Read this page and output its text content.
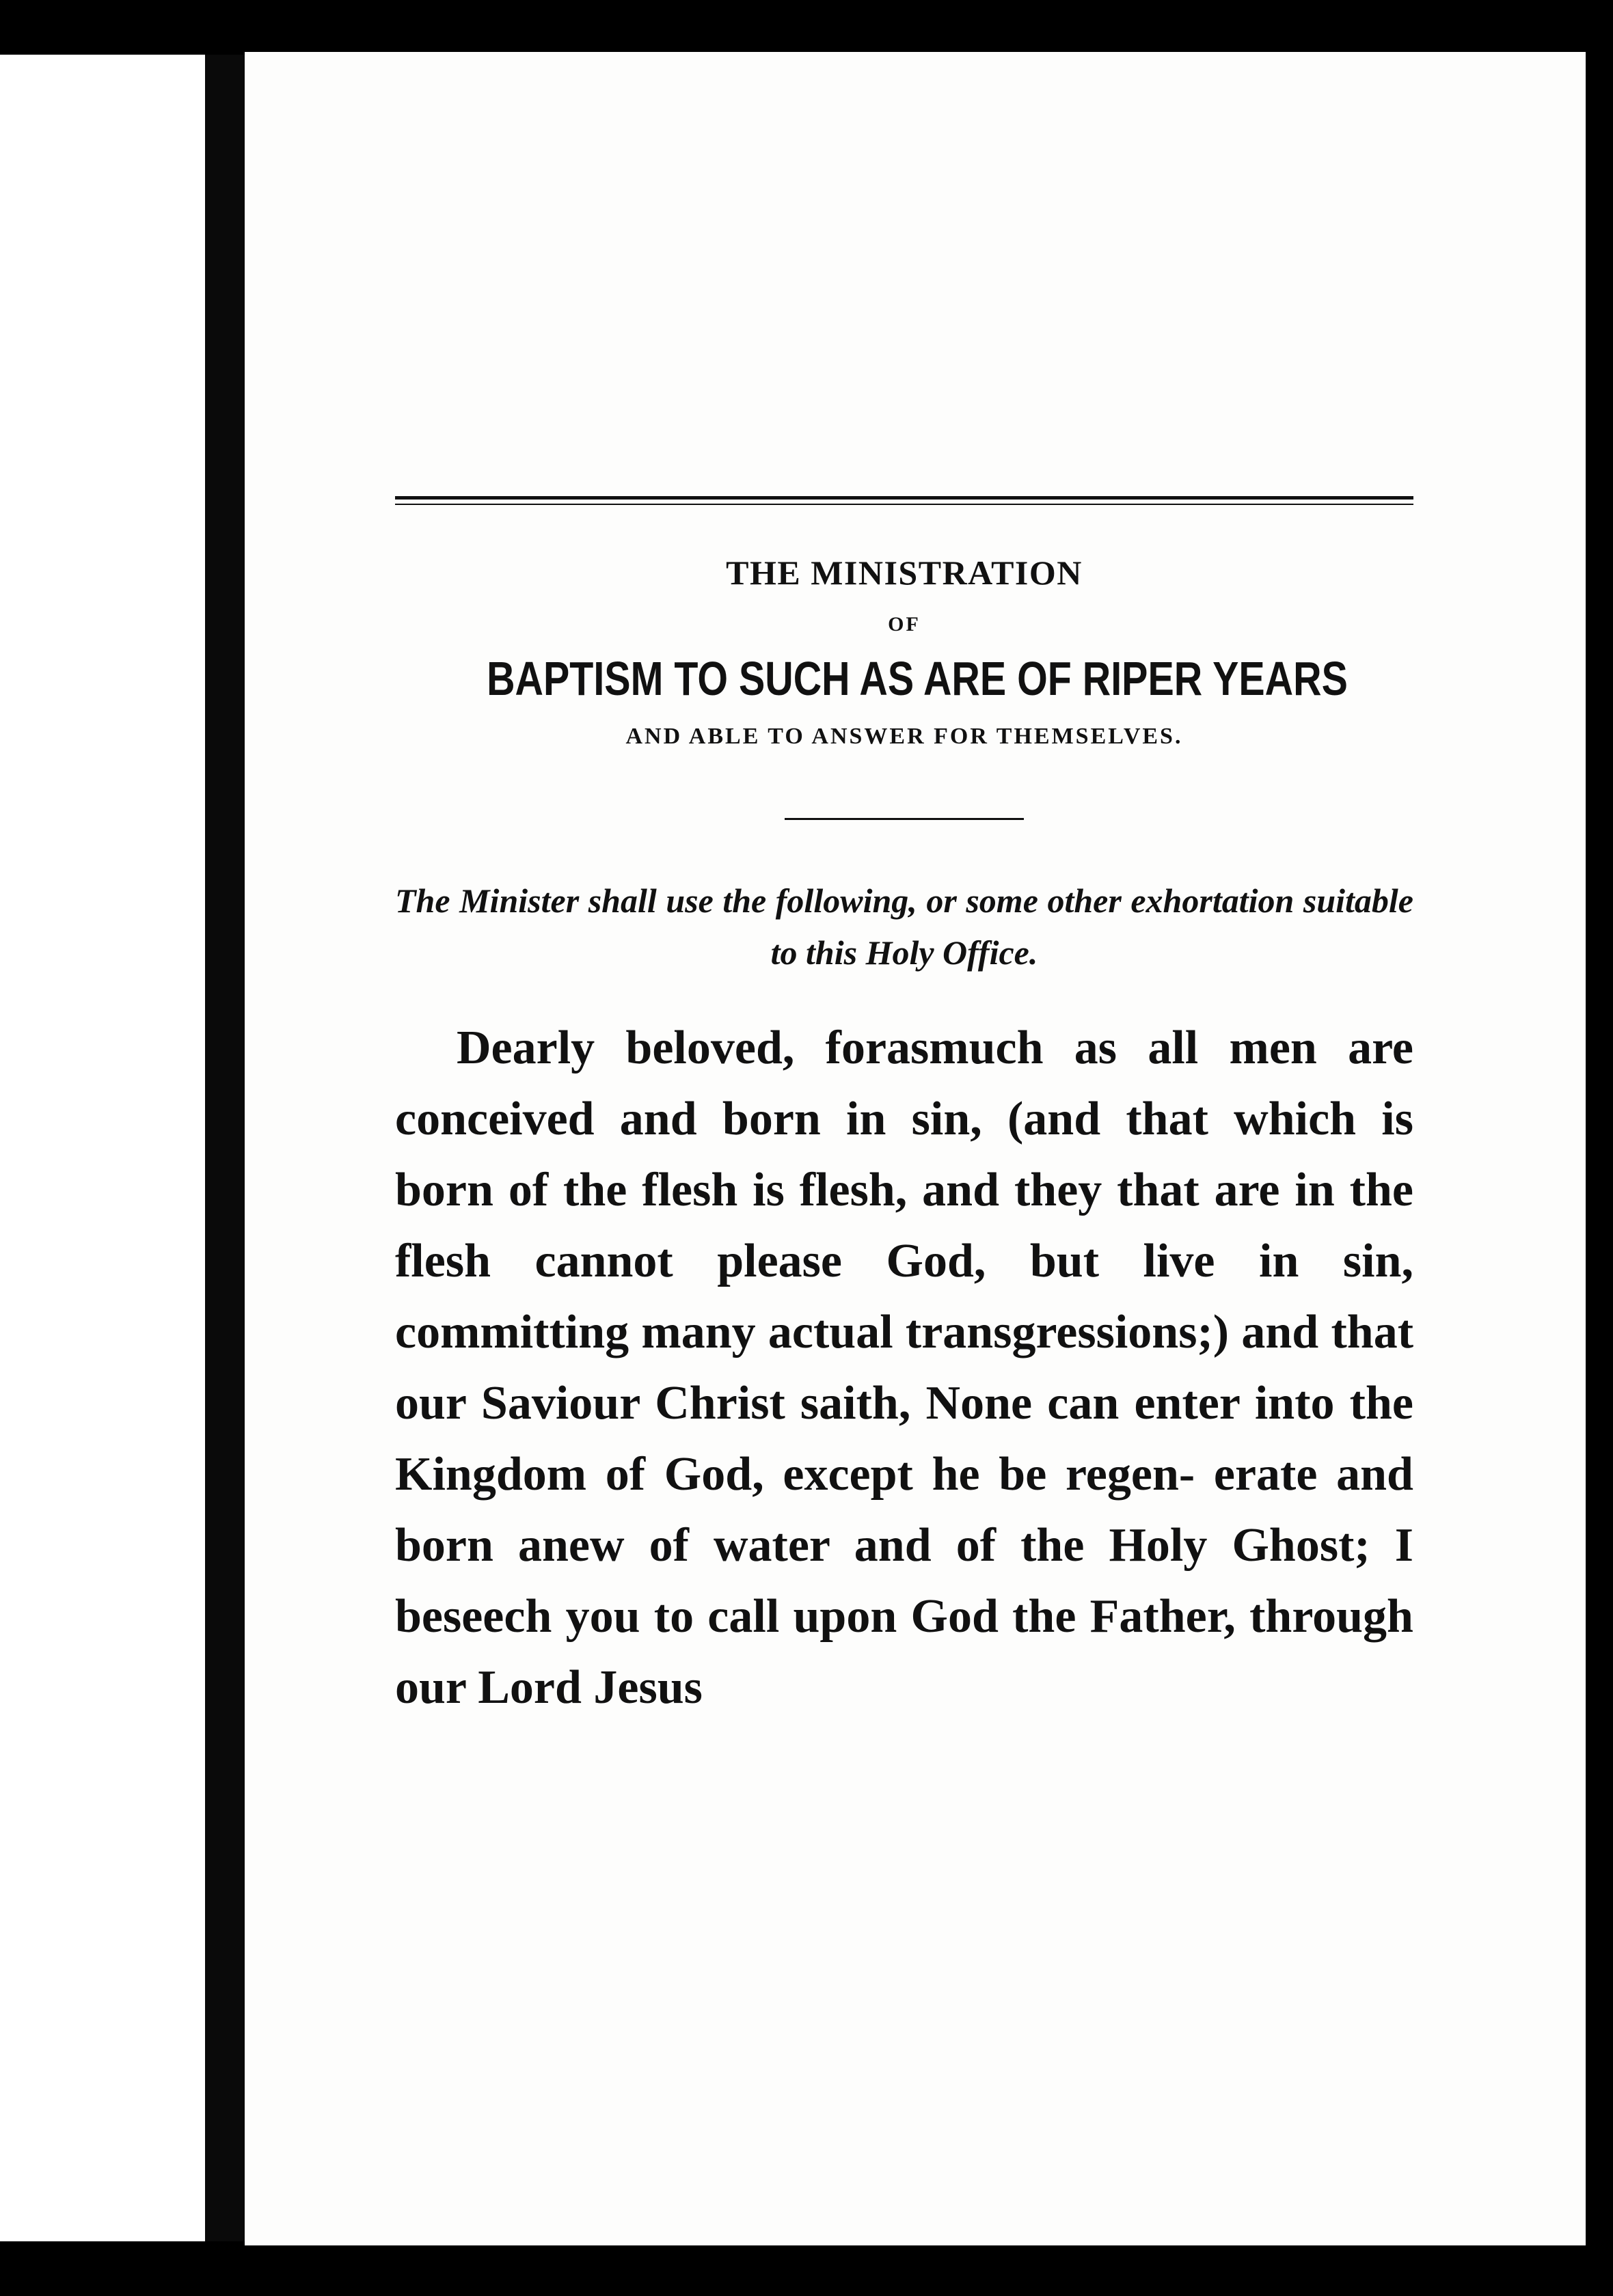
THE MINISTRATION

OF

BAPTISM TO SUCH AS ARE OF RIPER YEARS

AND ABLE TO ANSWER FOR THEMSELVES.

The Minister shall use the following, or some other exhortation suitable to this Holy Office.

Dearly beloved, forasmuch as all men are conceived and born in sin, (and that which is born of the flesh is flesh, and they that are in the flesh cannot please God, but live in sin, committing many actual transgressions;) and that our Saviour Christ saith, None can enter into the Kingdom of God, except he be regen- erate and born anew of water and of the Holy Ghost; I beseech you to call upon God the Father, through our Lord Jesus
